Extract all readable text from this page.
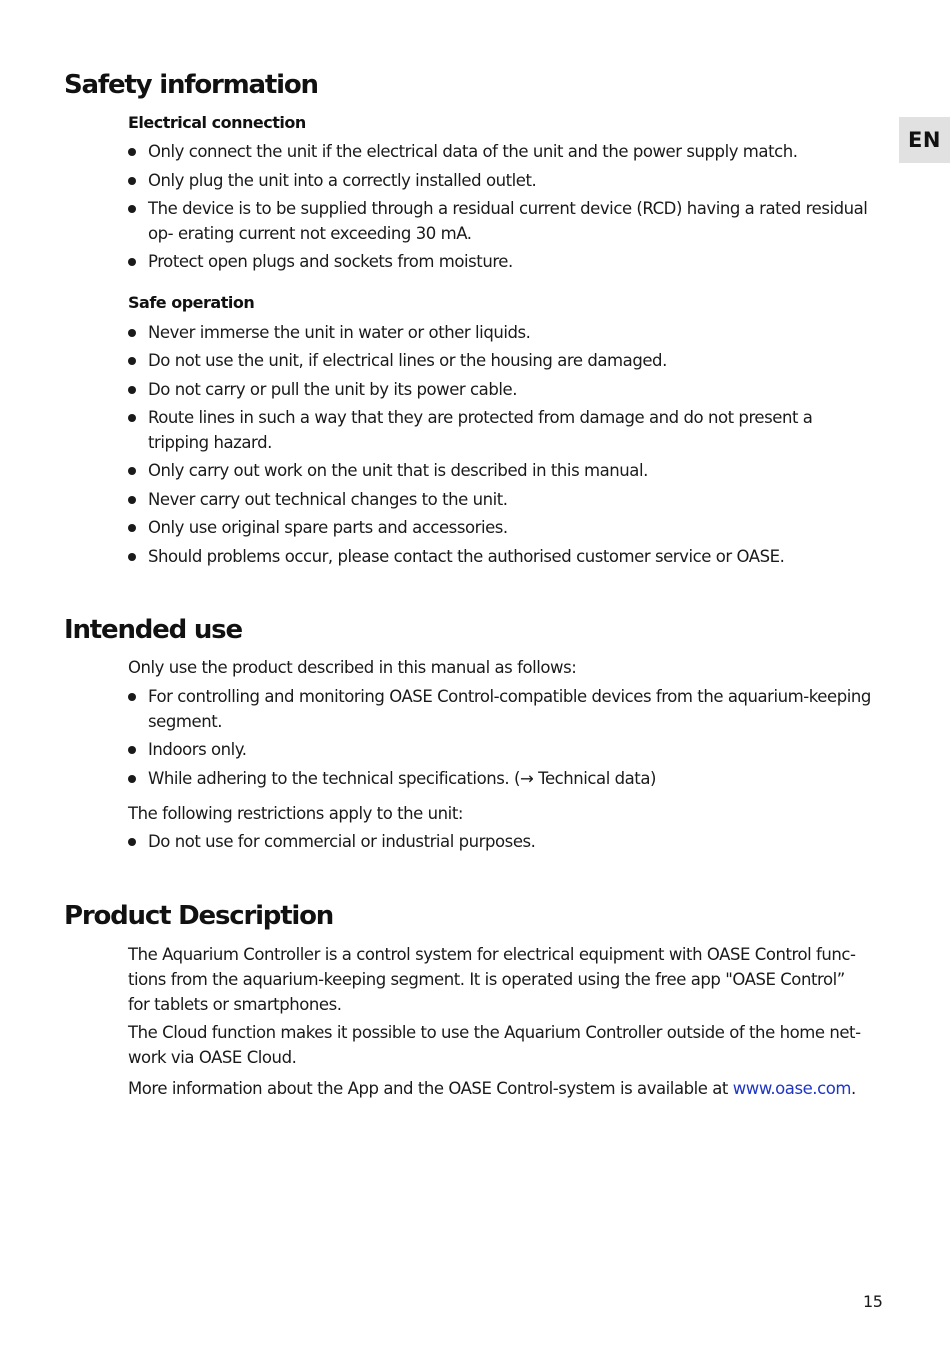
EN
Safety information
Electrical connection
Only connect the unit if the electrical data of the unit and the power supply match.
Only plug the unit into a correctly installed outlet.
The device is to be supplied through a residual current device (RCD) having a rated residual op- erating current not exceeding 30 mA.
Protect open plugs and sockets from moisture.
Safe operation
Never immerse the unit in water or other liquids.
Do not use the unit, if electrical lines or the housing are damaged.
Do not carry or pull the unit by its power cable.
Route lines in such a way that they are protected from damage and do not present a tripping hazard.
Only carry out work on the unit that is described in this manual.
Never carry out technical changes to the unit.
Only use original spare parts and accessories.
Should problems occur, please contact the authorised customer service or OASE.
Intended use

Only use the product described in this manual as follows:

For controlling and monitoring OASE Control-compatible devices from the aquarium-keeping segment.
Indoors only.
While adhering to the technical specifications. (→ Technical data)

The following restrictions apply to the unit:

Do not use for commercial or industrial purposes.
Product Description

The Aquarium Controller is a control system for electrical equipment with OASE Control func- tions from the aquarium-keeping segment. It is operated using the free app "OASE Control” for tablets or smartphones.

The Cloud function makes it possible to use the Aquarium Controller outside of the home net- work via OASE Cloud.

More information about the App and the OASE Control-system is available at www.oase.com.

15
